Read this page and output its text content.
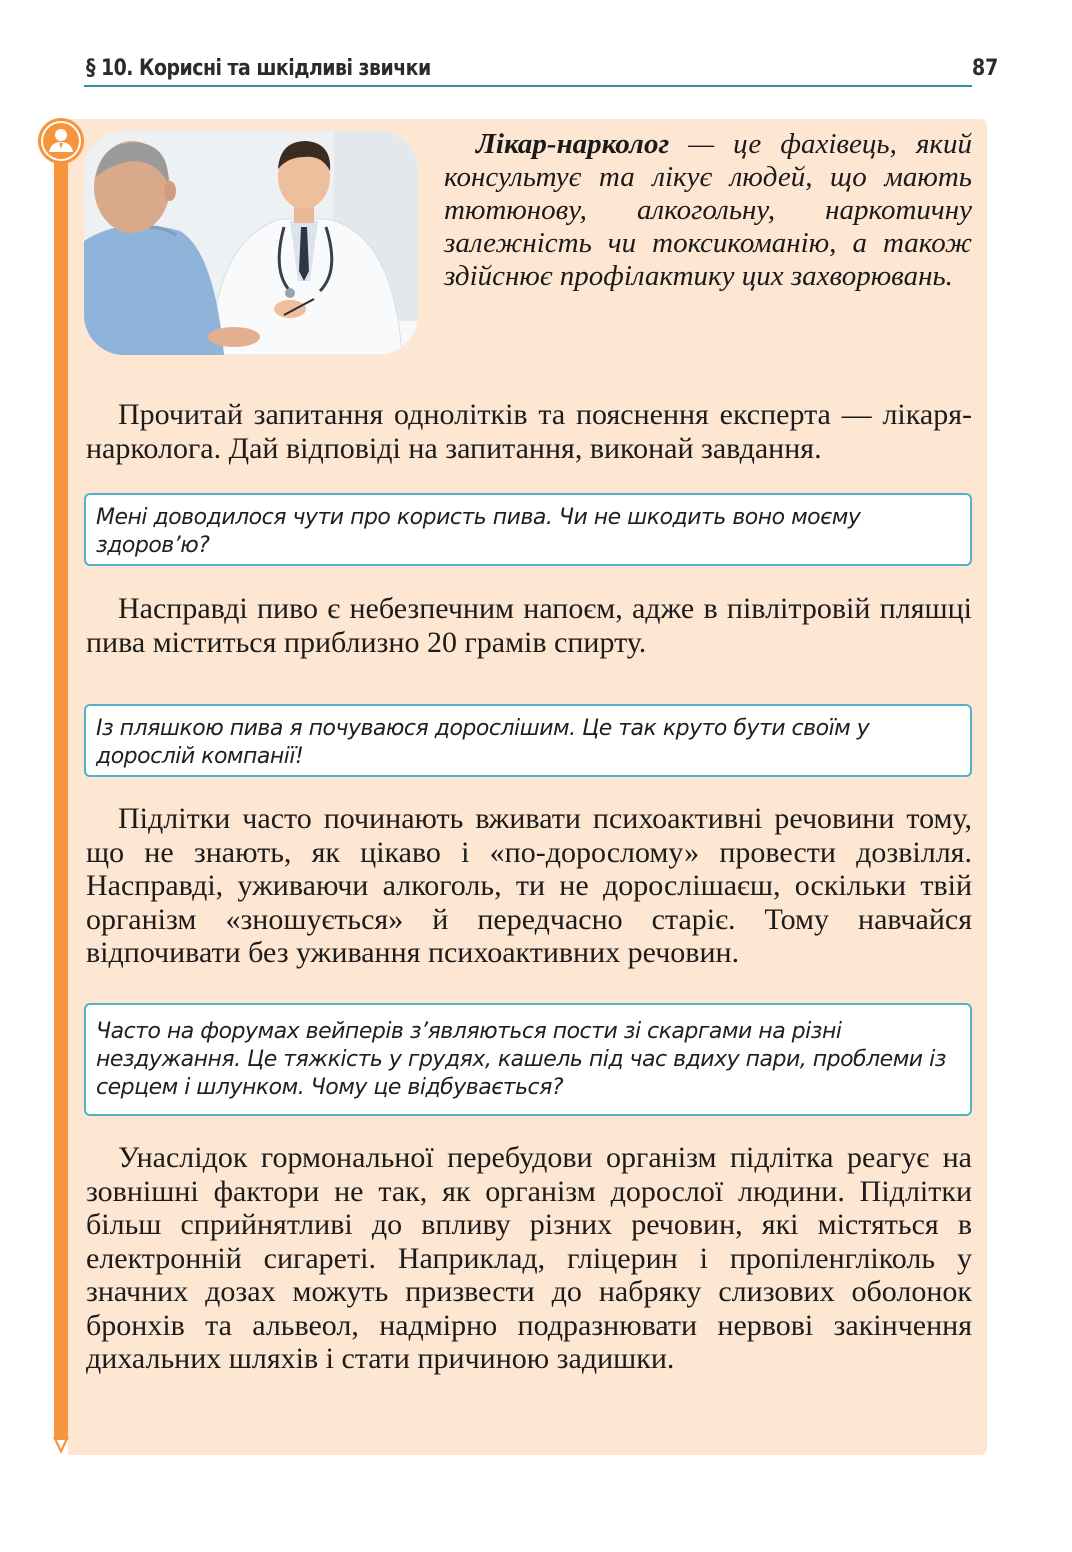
§ 10. Корисні та шкідливі звички	87

Лікар-нарколог — це фахівець, який консультує та лікує людей, що мають тютюнову, алкогольну, наркотичну залежність чи токсикоманію, а також здійснює профілактику цих захворювань.

Прочитай запитання однолітків та пояснення експерта — лікаря-нарколога. Дай відповіді на запитання, виконай завдання.

Мені доводилося чути про користь пива. Чи не шкодить воно моєму здоров’ю?

Насправді пиво є небезпечним напоєм, адже в півлітровій пляшці пива міститься приблизно 20 грамів спирту.

Із пляшкою пива я почуваюся дорослішим. Це так круто бути своїм у дорослій компанії!

Підлітки часто починають вживати психоактивні речовини тому, що не знають, як цікаво і «по-дорослому» провести дозвілля. Насправді, уживаючи алкоголь, ти не дорослішаєш, оскільки твій організм «зношується» й передчасно старіє. Тому навчайся відпочивати без уживання психоактивних речовин.

Часто на форумах вейперів з’являються пости зі скаргами на різні нездужання. Це тяжкість у грудях, кашель під час вдиху пари, проблеми із серцем і шлунком. Чому це відбувається?

Унаслідок гормональної перебудови організм підлітка реагує на зовнішні фактори не так, як організм дорослої людини. Підлітки більш сприйнятливі до впливу різних речовин, які містяться в електронній сигареті. Наприклад, гліцерин і пропіленгліколь у значних дозах можуть призвести до набряку слизових оболонок бронхів та альвеол, надмірно подразнювати нервові закінчення дихальних шляхів і стати причиною задишки.
